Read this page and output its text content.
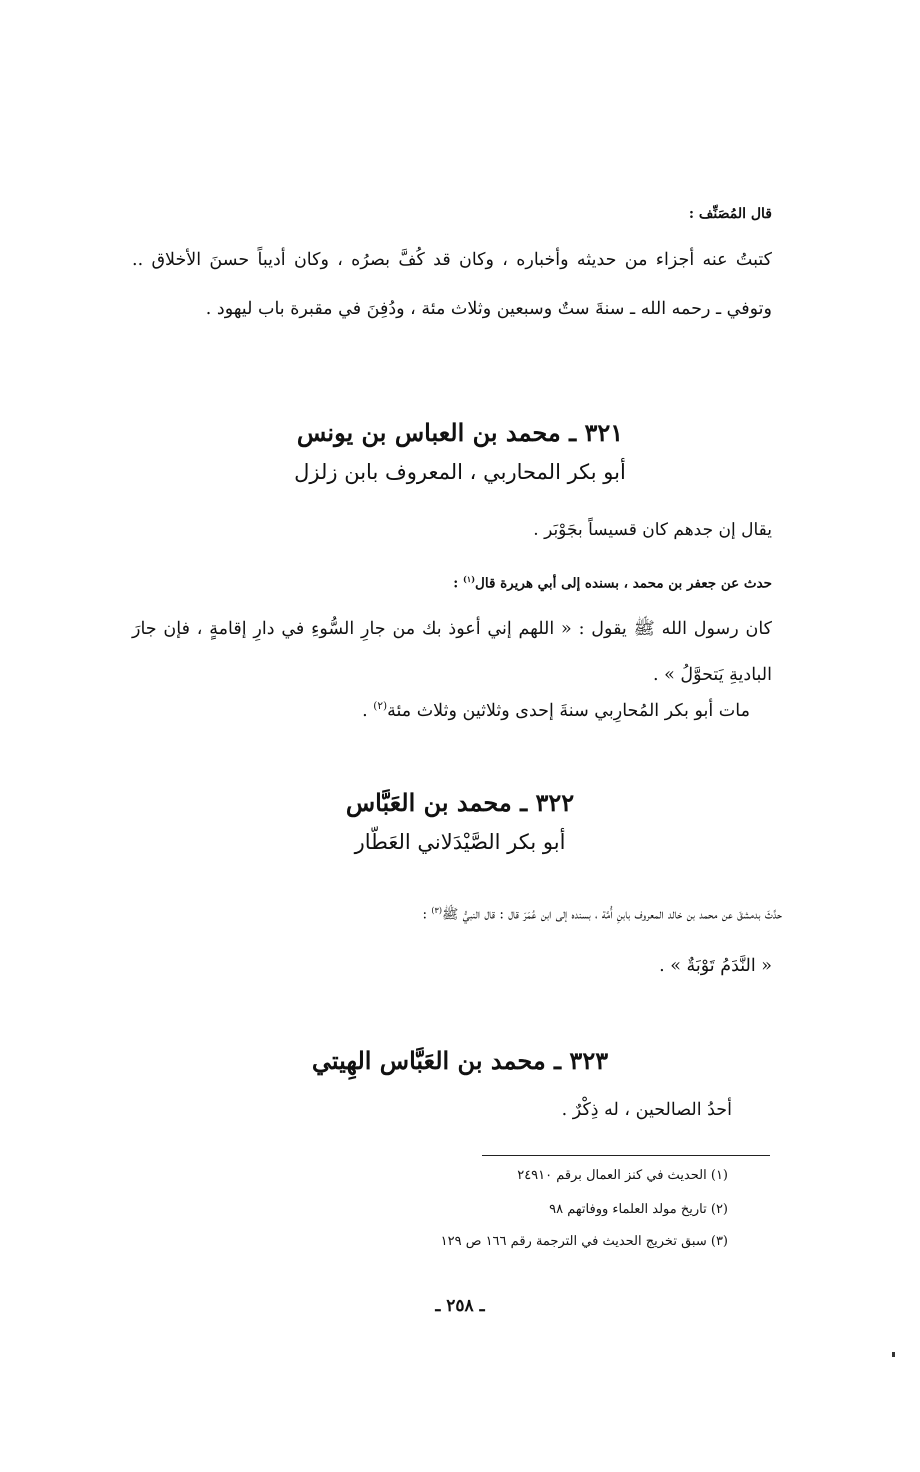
قال المُصَنِّف :
كتبتُ عنه أجزاء من حديثه وأخباره ، وكان قد كُفَّ بصرُه ، وكان أديباً حسنَ الأخلاق .. وتوفي ـ رحمه الله ـ سنةَ ستٌ وسبعين وثلاث مئة ، ودُفِنَ في مقبرة باب ليهود .
٣٢١ ـ محمد بن العباس بن يونس
أبو بكر المحاربي ، المعروف بابن زلزل
يقال إن جدهم كان قسيساً بجَوْبَر .
حدث عن جعفر بن محمد ، بسنده إلى أبي هريرة قال$^{(١)}$ :
كان رسول الله ﷺ يقول : « اللهم إني أعوذ بك من جارِ السُّوءِ في دارِ إقامةٍ ، فإن جارَ الباديةِ يَتحوَّلُ » .
مات أبو بكر المُحارِبي سنةَ إحدى وثلاثين وثلاث مئة$^{(٢)}$ .
٣٢٢ ـ محمد بن العَبَّاس
أبو بكر الصَّيْدَلاني العَطّار
حدَّثَ بدمشقَ عن محمد بن خالد المعروف بابنِ أُمَّة ، بسنده إلى ابن عُمَرَ قال : قال النبيُّ ﷺ$^{(٣)}$ :
« النَّدَمُ تَوْبَةٌ » .
٣٢٣ ـ محمد بن العَبَّاس الهِيتي
أحدُ الصالحين ، له ذِكْرٌ .
(١) الحديث في كنز العمال برقم ٢٤٩١٠
(٢) تاريخ مولد العلماء ووفاتهم ٩٨
(٣) سبق تخريج الحديث في الترجمة رقم ١٦٦ ص ١٢٩
ـ ٢٥٨ ـ
